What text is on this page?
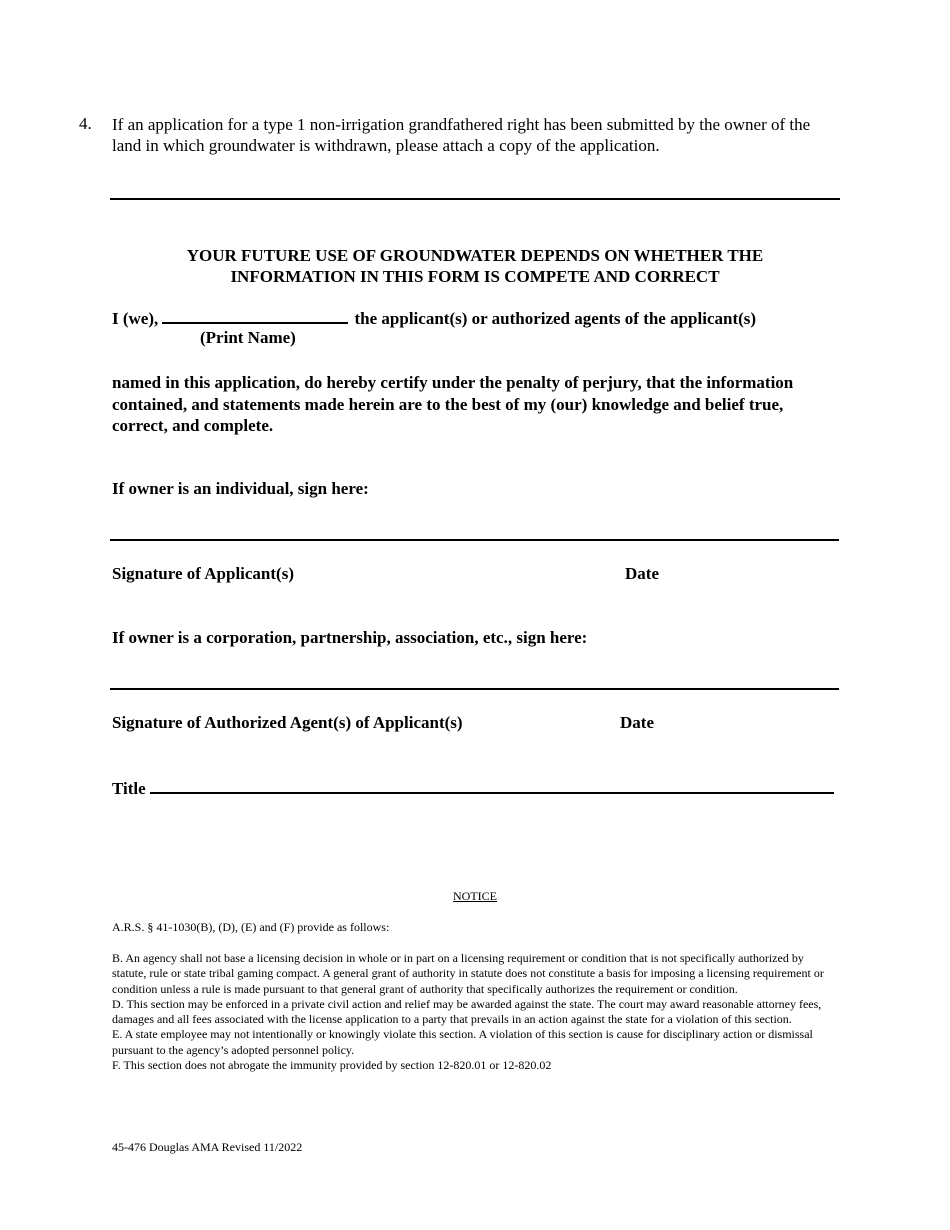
4. If an application for a type 1 non-irrigation grandfathered right has been submitted by the owner of the land in which groundwater is withdrawn, please attach a copy of the application.
YOUR FUTURE USE OF GROUNDWATER DEPENDS ON WHETHER THE
INFORMATION IN THIS FORM IS COMPETE AND CORRECT
I (we),	the applicant(s) or authorized agents of the applicant(s)
(Print Name)
named in this application, do hereby certify under the penalty of perjury, that the information contained, and statements made herein are to the best of my (our) knowledge and belief true, correct, and complete.
If owner is an individual, sign here:
Signature of Applicant(s)	Date
If owner is a corporation, partnership, association, etc., sign here:
Signature of Authorized Agent(s) of Applicant(s)	Date
Title
NOTICE
A.R.S. § 41-1030(B), (D), (E) and (F) provide as follows:

B. An agency shall not base a licensing decision in whole or in part on a licensing requirement or condition that is not specifically authorized by statute, rule or state tribal gaming compact. A general grant of authority in statute does not constitute a basis for imposing a licensing requirement or condition unless a rule is made pursuant to that general grant of authority that specifically authorizes the requirement or condition.

D. This section may be enforced in a private civil action and relief may be awarded against the state. The court may award reasonable attorney fees, damages and all fees associated with the license application to a party that prevails in an action against the state for a violation of this section.

E. A state employee may not intentionally or knowingly violate this section. A violation of this section is cause for disciplinary action or dismissal pursuant to the agency’s adopted personnel policy.

F. This section does not abrogate the immunity provided by section 12-820.01 or 12-820.02

45-476 Douglas AMA Revised 11/2022
